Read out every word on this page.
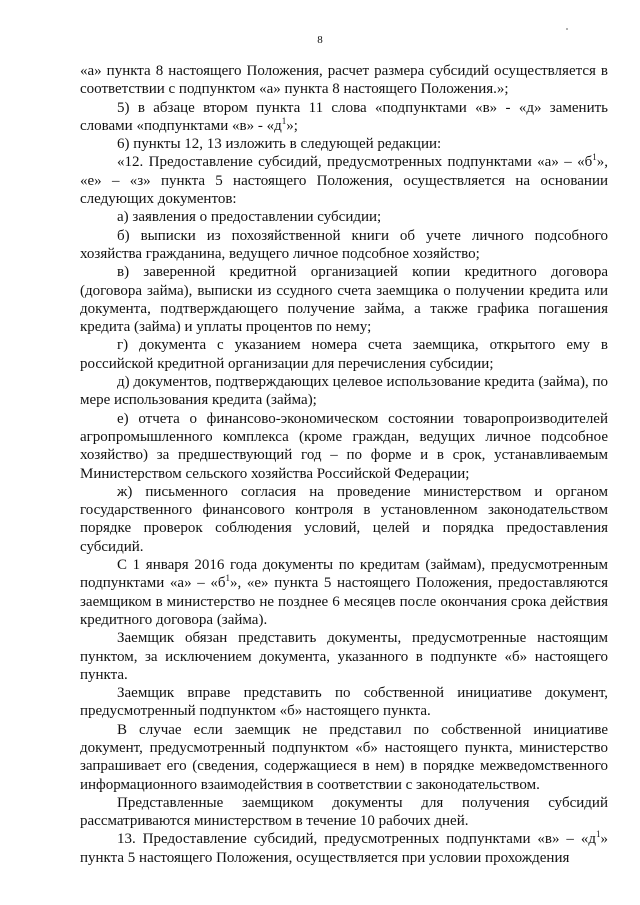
8

«а» пункта 8 настоящего Положения, расчет размера субсидий осуществляется в соответствии с подпунктом «а» пункта 8 настоящего Положения.»;

5) в абзаце втором пункта 11 слова «подпунктами «в» - «д» заменить словами «подпунктами «в» - «$д^1$»;

6) пункты 12, 13 изложить в следующей редакции:

«12. Предоставление субсидий, предусмотренных подпунктами «а» – «$б^1$», «е» – «з» пункта 5 настоящего Положения, осуществляется на основании следующих документов:

а) заявления о предоставлении субсидии;

б) выписки из похозяйственной книги об учете личного подсобного хозяйства гражданина, ведущего личное подсобное хозяйство;

в) заверенной кредитной организацией копии кредитного договора (договора займа), выписки из ссудного счета заемщика о получении кредита или документа, подтверждающего получение займа, а также графика погашения кредита (займа) и уплаты процентов по нему;

г) документа с указанием номера счета заемщика, открытого ему в российской кредитной организации для перечисления субсидии;

д) документов, подтверждающих целевое использование кредита (займа), по мере использования кредита (займа);

е) отчета о финансово-экономическом состоянии товаропроизводителей агропромышленного комплекса (кроме граждан, ведущих личное подсобное хозяйство) за предшествующий год – по форме и в срок, устанавливаемым Министерством сельского хозяйства Российской Федерации;

ж) письменного согласия на проведение министерством и органом государственного финансового контроля в установленном законодательством порядке проверок соблюдения условий, целей и порядка предоставления субсидий.

С 1 января 2016 года документы по кредитам (займам), предусмотренным подпунктами «а» – «$б^1$», «е» пункта 5 настоящего Положения, предоставляются заемщиком в министерство не позднее 6 месяцев после окончания срока действия кредитного договора (займа).

Заемщик обязан представить документы, предусмотренные настоящим пунктом, за исключением документа, указанного в подпункте «б» настоящего пункта.

Заемщик вправе представить по собственной инициативе документ, предусмотренный подпунктом «б» настоящего пункта.

В случае если заемщик не представил по собственной инициативе документ, предусмотренный подпунктом «б» настоящего пункта, министерство запрашивает его (сведения, содержащиеся в нем) в порядке межведомственного информационного взаимодействия в соответствии с законодательством.

Представленные заемщиком документы для получения субсидий рассматриваются министерством в течение 10 рабочих дней.

13. Предоставление субсидий, предусмотренных подпунктами «в» – «$д^1$» пункта 5 настоящего Положения, осуществляется при условии прохождения
